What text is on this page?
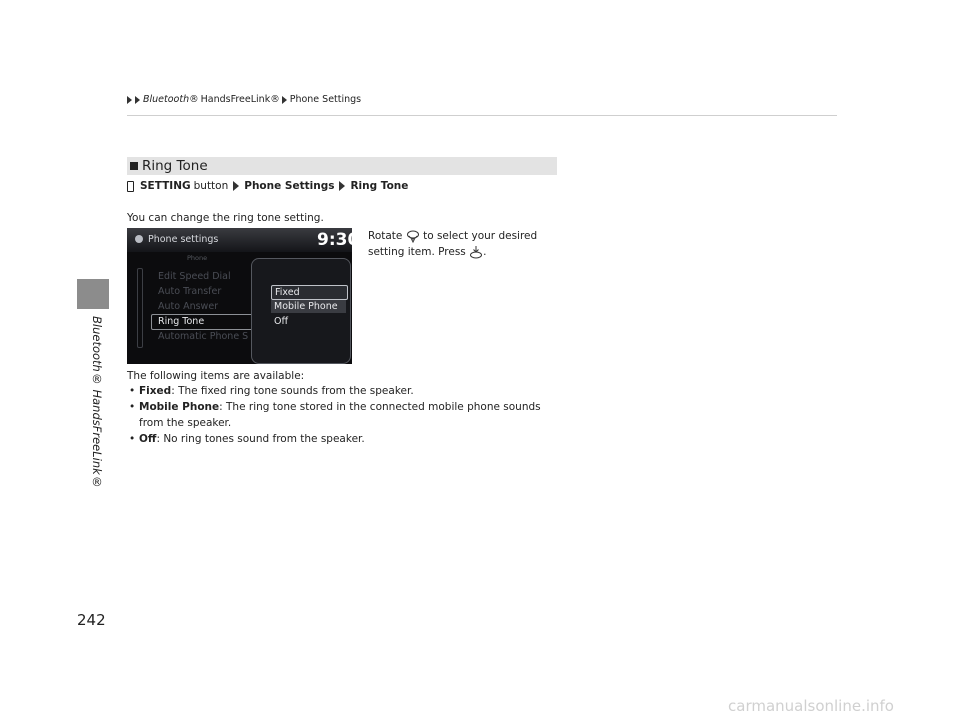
Bluetooth® HandsFreeLink®
242
Bluetooth® HandsFreeLink® Phone Settings
Ring Tone
SETTING button Phone Settings Ring Tone
You can change the ring tone setting.
Rotate to select your desired setting item. Press .
Phone settings	9:30
Phone
Edit Speed Dial
Auto Transfer
Auto Answer
Ring Tone
Automatic Phone S
Fixed
Mobile Phone
Off
The following items are available:
• Fixed: The fixed ring tone sounds from the speaker.
• Mobile Phone: The ring tone stored in the connected mobile phone sounds
from the speaker.
• Off: No ring tones sound from the speaker.
carmanualsonline.info
